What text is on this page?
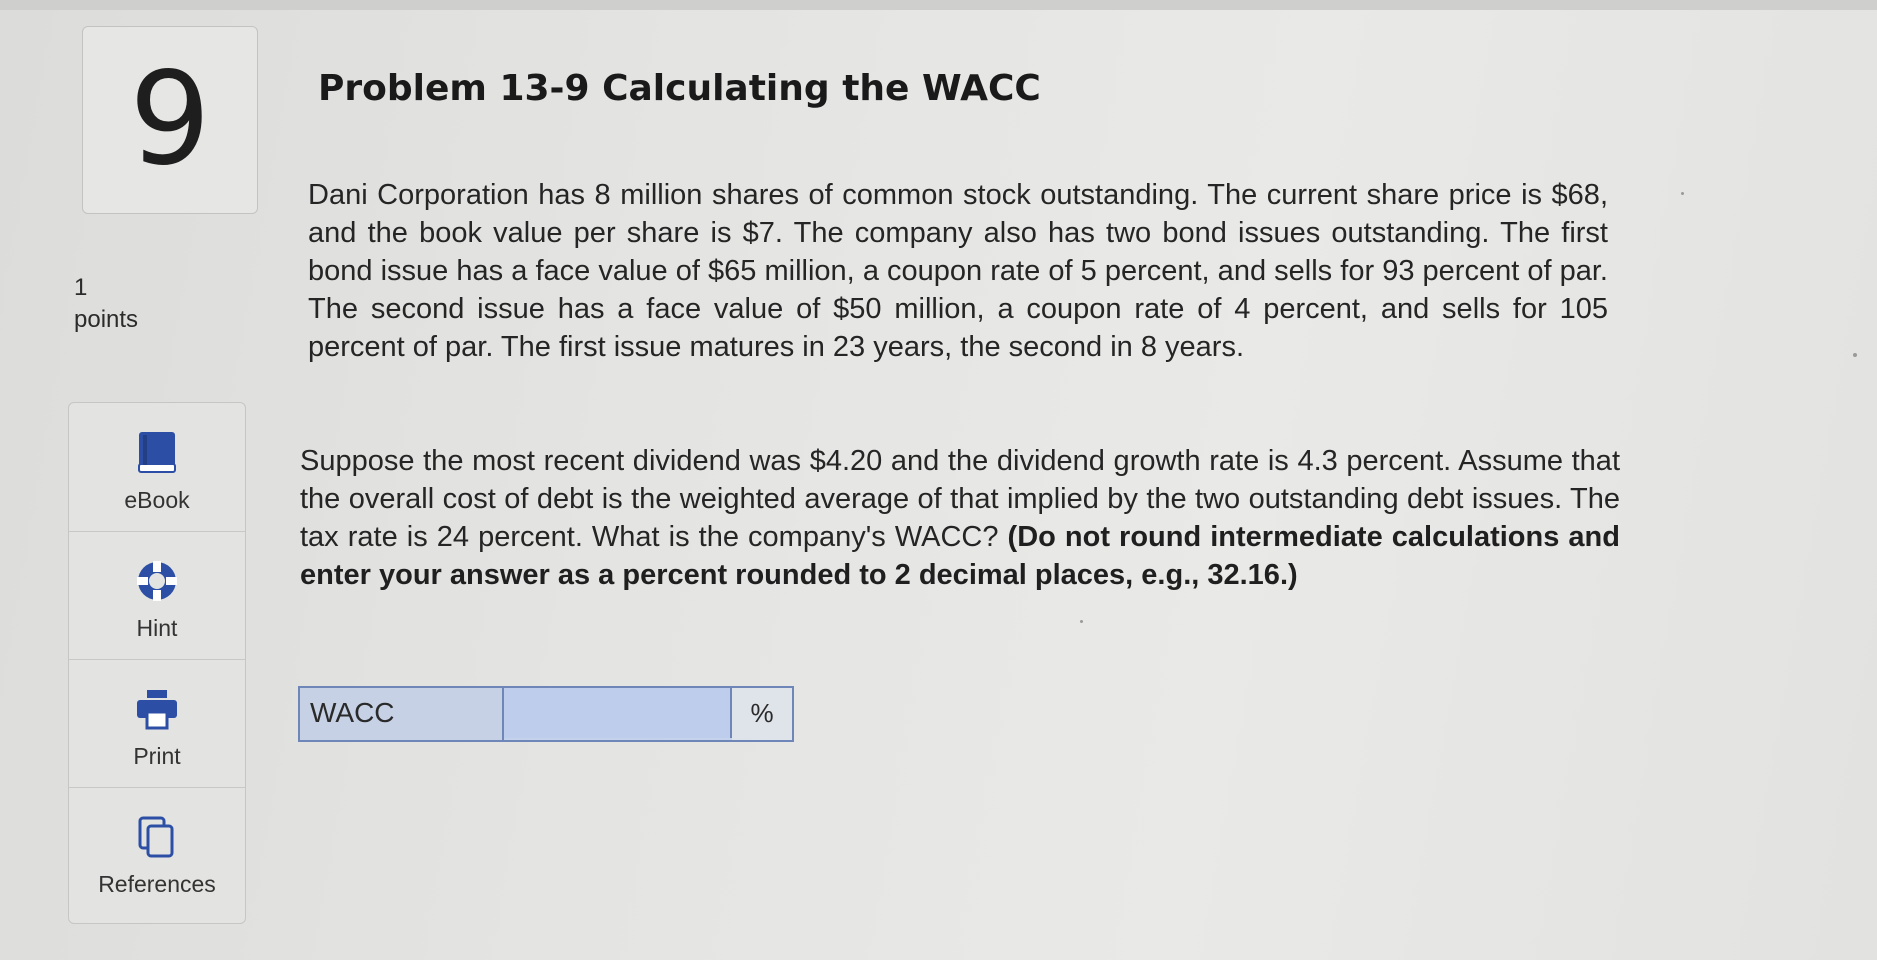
9
1
points
eBook
Hint
Print
References
Problem 13-9 Calculating the WACC
Dani Corporation has 8 million shares of common stock outstanding. The current share price is $68, and the book value per share is $7. The company also has two bond issues outstanding. The first bond issue has a face value of $65 million, a coupon rate of 5 percent, and sells for 93 percent of par. The second issue has a face value of $50 million, a coupon rate of 4 percent, and sells for 105 percent of par. The first issue matures in 23 years, the second in 8 years.
Suppose the most recent dividend was $4.20 and the dividend growth rate is 4.3 percent. Assume that the overall cost of debt is the weighted average of that implied by the two outstanding debt issues. The tax rate is 24 percent. What is the company's WACC? (Do not round intermediate calculations and enter your answer as a percent rounded to 2 decimal places, e.g., 32.16.)
WACC	%
